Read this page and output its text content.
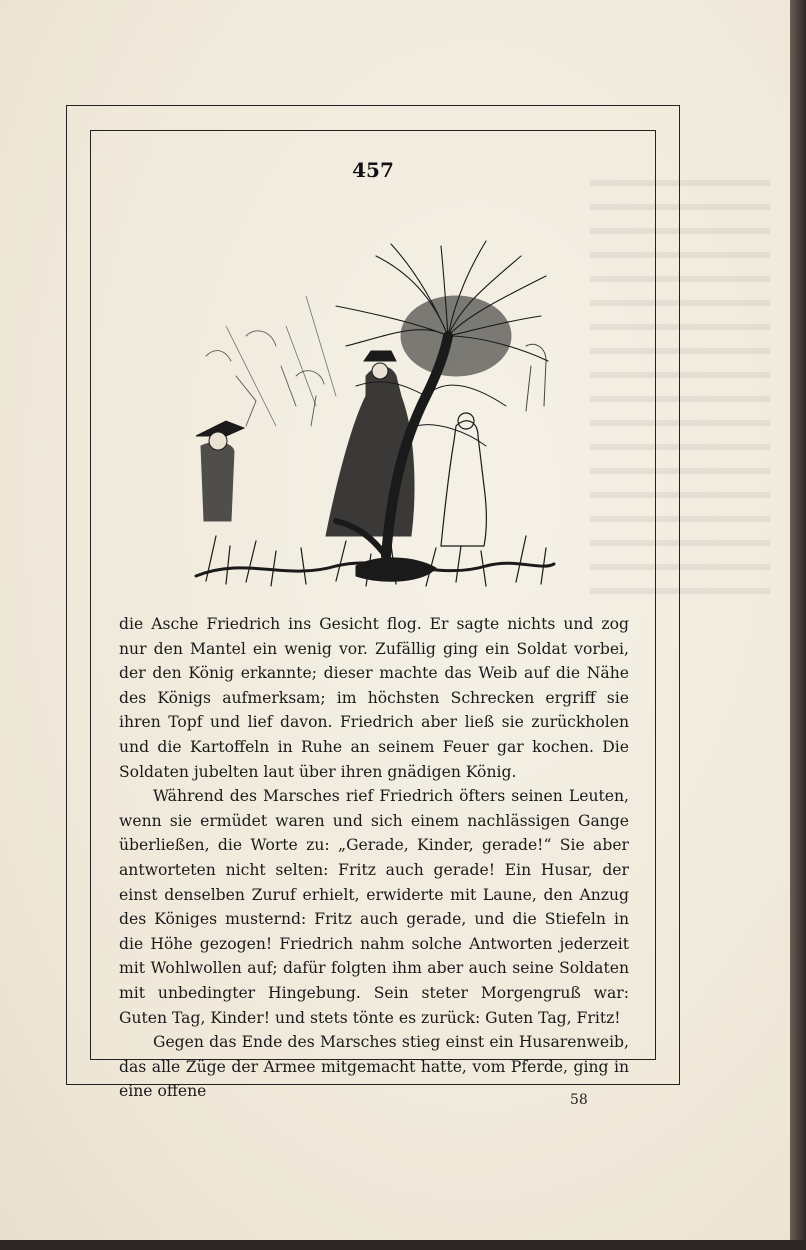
457

die Asche Friedrich ins Gesicht flog. Er sagte nichts und zog nur den Mantel ein wenig vor. Zufällig ging ein Soldat vorbei, der den König erkannte; dieser machte das Weib auf die Nähe des Königs aufmerksam; im höchsten Schrecken ergriff sie ihren Topf und lief davon. Friedrich aber ließ sie zurückholen und die Kartoffeln in Ruhe an seinem Feuer gar kochen. Die Soldaten jubelten laut über ihren gnädigen König.

Während des Marsches rief Friedrich öfters seinen Leuten, wenn sie ermüdet waren und sich einem nachlässigen Gange überließen, die Worte zu: „Gerade, Kinder, gerade!“ Sie aber antworteten nicht selten: Fritz auch gerade! Ein Husar, der einst denselben Zuruf erhielt, erwiderte mit Laune, den Anzug des Königes musternd: Fritz auch gerade, und die Stiefeln in die Höhe gezogen! Friedrich nahm solche Antworten jederzeit mit Wohlwollen auf; dafür folgten ihm aber auch seine Soldaten mit unbedingter Hingebung. Sein steter Morgengruß war: Guten Tag, Kinder! und stets tönte es zurück: Guten Tag, Fritz!

Gegen das Ende des Marsches stieg einst ein Husarenweib, das alle Züge der Armee mitgemacht hatte, vom Pferde, ging in eine offene	58
